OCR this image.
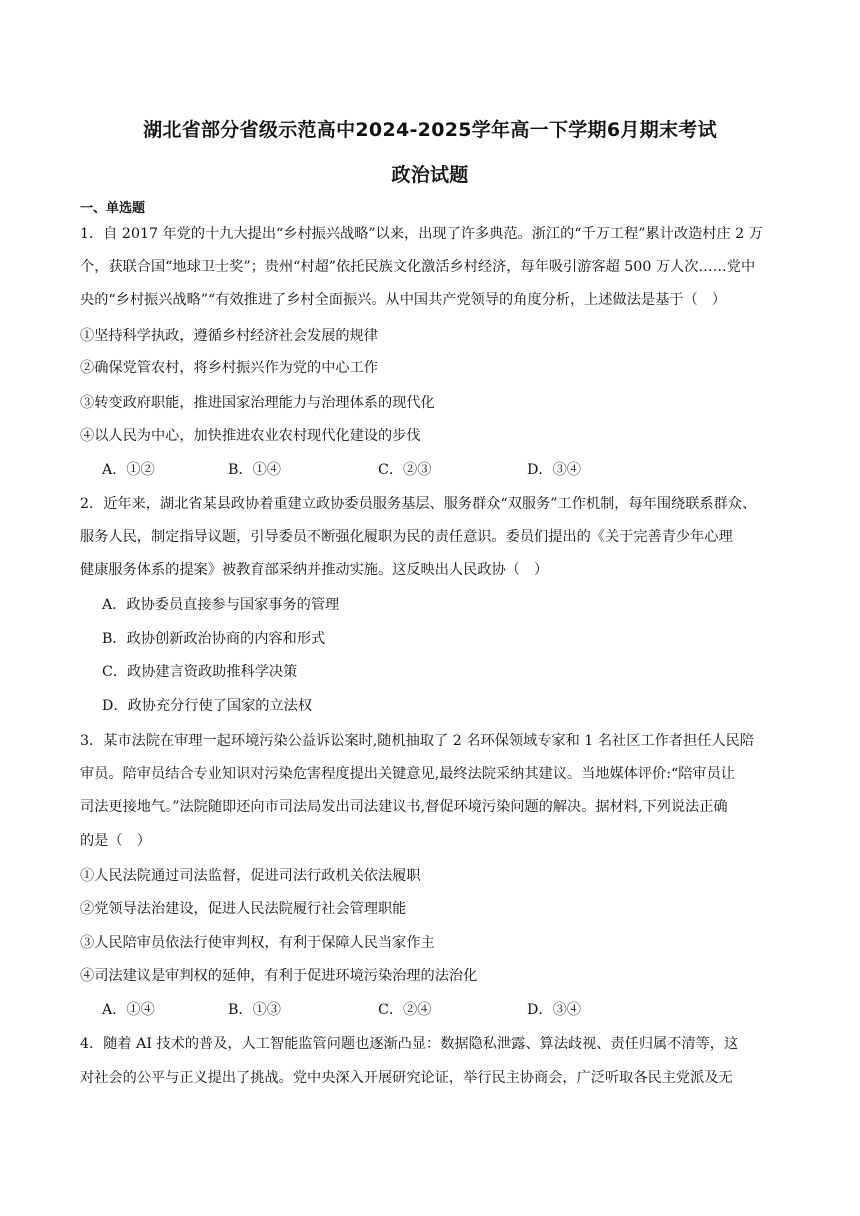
湖北省部分省级示范高中2024-2025学年高一下学期6月期末考试
政治试题
一、单选题
1．自 2017 年党的十九大提出“乡村振兴战略”以来，出现了许多典范。浙江的“千万工程”累计改造村庄 2 万
个，获联合国“地球卫士奖”；贵州“村超”依托民族文化激活乡村经济，每年吸引游客超 500 万人次……党中
央的“乡村振兴战略”“有效推进了乡村全面振兴。从中国共产党领导的角度分析，上述做法是基于（　）
①坚持科学执政，遵循乡村经济社会发展的规律
②确保党管农村，将乡村振兴作为党的中心工作
③转变政府职能，推进国家治理能力与治理体系的现代化
④以人民为中心，加快推进农业农村现代化建设的步伐
A．①②	B．①④	C．②③	D．③④
2．近年来，湖北省某县政协着重建立政协委员服务基层、服务群众“双服务”工作机制，每年围绕联系群众、
服务人民，制定指导议题，引导委员不断强化履职为民的责任意识。委员们提出的《关于完善青少年心理
健康服务体系的提案》被教育部采纳并推动实施。这反映出人民政协（　）
A．政协委员直接参与国家事务的管理
B．政协创新政治协商的内容和形式
C．政协建言资政助推科学决策
D．政协充分行使了国家的立法权
3．某市法院在审理一起环境污染公益诉讼案时,随机抽取了 2 名环保领域专家和 1 名社区工作者担任人民陪
审员。陪审员结合专业知识对污染危害程度提出关键意见,最终法院采纳其建议。当地媒体评价:“陪审员让
司法更接地气。”法院随即还向市司法局发出司法建议书,督促环境污染问题的解决。据材料,下列说法正确
的是（　）
①人民法院通过司法监督，促进司法行政机关依法履职
②党领导法治建设，促进人民法院履行社会管理职能
③人民陪审员依法行使审判权，有利于保障人民当家作主
④司法建议是审判权的延伸，有利于促进环境污染治理的法治化
A．①④	B．①③	C．②④	D．③④
4．随着 AI 技术的普及，人工智能监管问题也逐渐凸显：数据隐私泄露、算法歧视、责任归属不清等，这
对社会的公平与正义提出了挑战。党中央深入开展研究论证，举行民主协商会，广泛听取各民主党派及无
